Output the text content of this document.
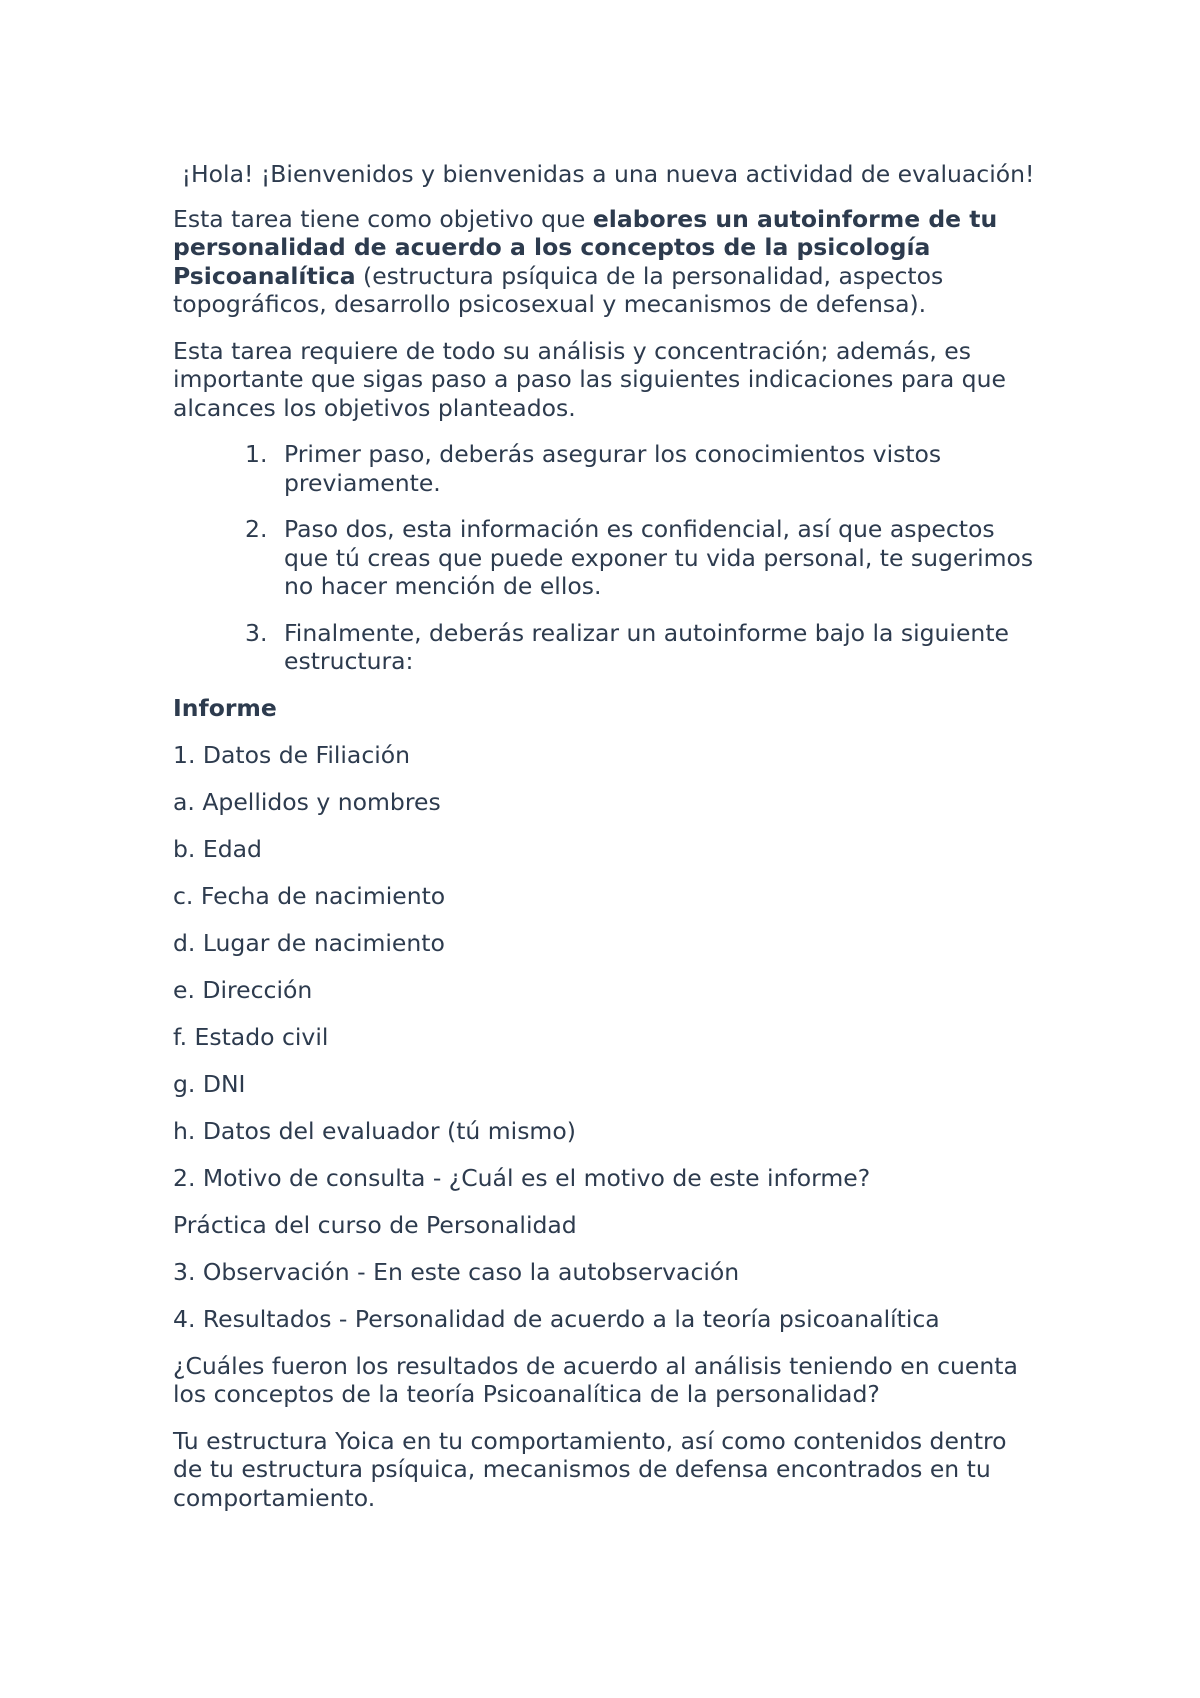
¡Hola! ¡Bienvenidos y bienvenidas a una nueva actividad de evaluación!

Esta tarea tiene como objetivo que elabores un autoinforme de tu personalidad de acuerdo a los conceptos de la psicología Psicoanalítica (estructura psíquica de la personalidad, aspectos topográficos, desarrollo psicosexual y mecanismos de defensa).

Esta tarea requiere de todo su análisis y concentración; además, es importante que sigas paso a paso las siguientes indicaciones para que alcances los objetivos planteados.

1. Primer paso, deberás asegurar los conocimientos vistos previamente.
2. Paso dos, esta información es confidencial, así que aspectos que tú creas que puede exponer tu vida personal, te sugerimos no hacer mención de ellos.
3. Finalmente, deberás realizar un autoinforme bajo la siguiente estructura:

Informe

1. Datos de Filiación

a. Apellidos y nombres

b. Edad

c. Fecha de nacimiento

d. Lugar de nacimiento

e. Dirección

f. Estado civil

g. DNI

h. Datos del evaluador (tú mismo)

2. Motivo de consulta - ¿Cuál es el motivo de este informe?

Práctica del curso de Personalidad

3. Observación - En este caso la autobservación

4. Resultados - Personalidad de acuerdo a la teoría psicoanalítica

¿Cuáles fueron los resultados de acuerdo al análisis teniendo en cuenta los conceptos de la teoría Psicoanalítica de la personalidad?

Tu estructura Yoica en tu comportamiento, así como contenidos dentro de tu estructura psíquica, mecanismos de defensa encontrados en tu comportamiento.
